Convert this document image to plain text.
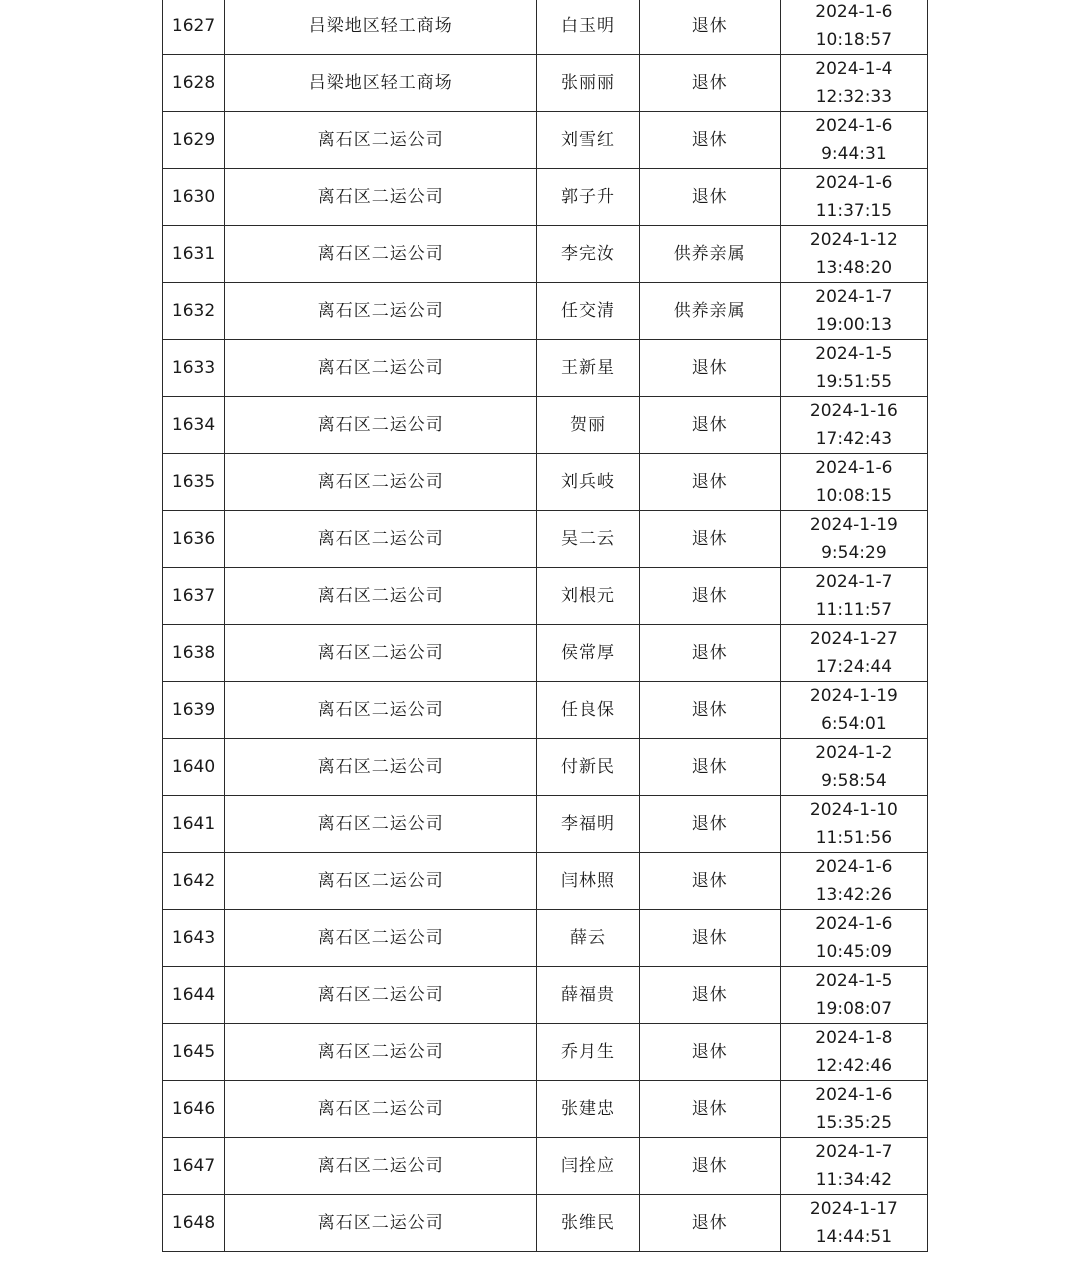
1627	吕梁地区轻工商场	白玉明	退休	2024-1-6
10:18:57

1628	吕梁地区轻工商场	张丽丽	退休	2024-1-4
12:32:33

1629	离石区二运公司	刘雪红	退休	2024-1-6
9:44:31

1630	离石区二运公司	郭子升	退休	2024-1-6
11:37:15

1631	离石区二运公司	李完汝	供养亲属	2024-1-12
13:48:20

1632	离石区二运公司	任交清	供养亲属	2024-1-7
19:00:13

1633	离石区二运公司	王新星	退休	2024-1-5
19:51:55

1634	离石区二运公司	贺丽	退休	2024-1-16
17:42:43

1635	离石区二运公司	刘兵岐	退休	2024-1-6
10:08:15

1636	离石区二运公司	吴二云	退休	2024-1-19
9:54:29

1637	离石区二运公司	刘根元	退休	2024-1-7
11:11:57

1638	离石区二运公司	侯常厚	退休	2024-1-27
17:24:44

1639	离石区二运公司	任良保	退休	2024-1-19
6:54:01

1640	离石区二运公司	付新民	退休	2024-1-2
9:58:54

1641	离石区二运公司	李福明	退休	2024-1-10
11:51:56

1642	离石区二运公司	闫林照	退休	2024-1-6
13:42:26

1643	离石区二运公司	薛云	退休	2024-1-6
10:45:09

1644	离石区二运公司	薛福贵	退休	2024-1-5
19:08:07

1645	离石区二运公司	乔月生	退休	2024-1-8
12:42:46

1646	离石区二运公司	张建忠	退休	2024-1-6
15:35:25

1647	离石区二运公司	闫拴应	退休	2024-1-7
11:34:42

1648	离石区二运公司	张维民	退休	2024-1-17
14:44:51
